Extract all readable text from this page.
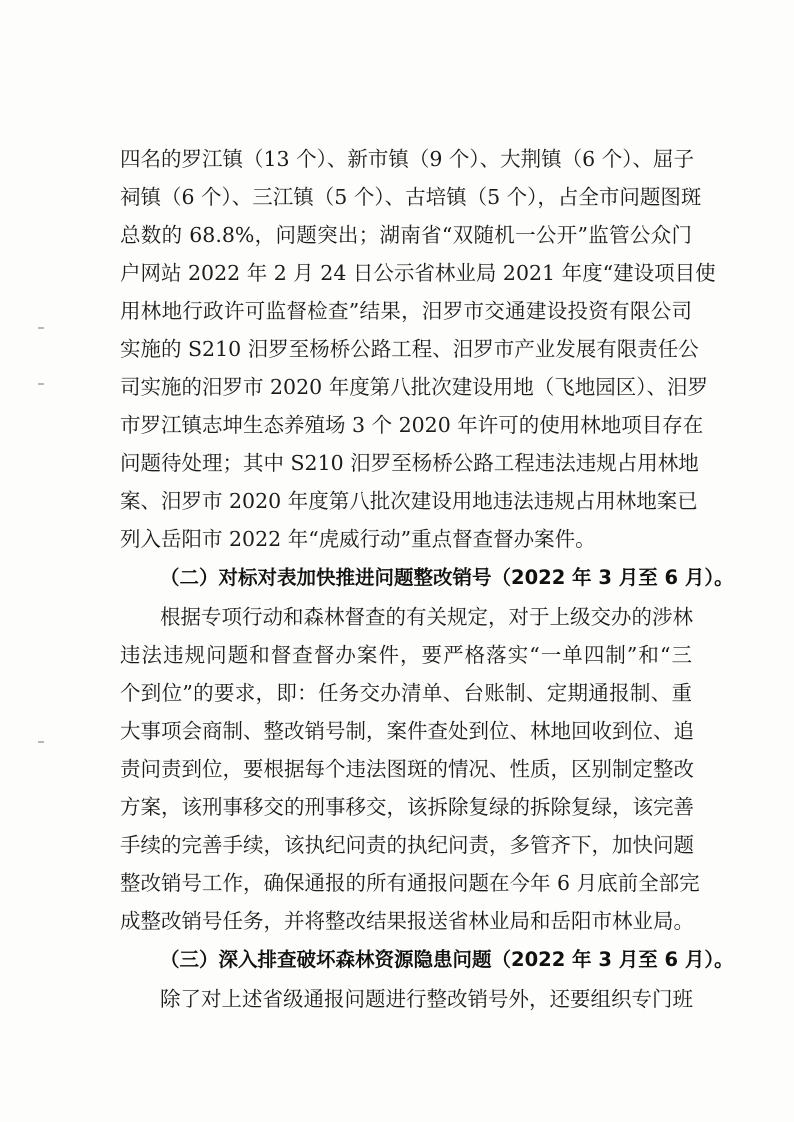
四名的罗江镇（13 个）、新市镇（9 个）、大荆镇（6 个）、屈子
祠镇（6 个）、三江镇（5 个）、古培镇（5 个），占全市问题图斑
总数的 68.8%，问题突出；湖南省“双随机一公开”监管公众门
户网站 2022 年 2 月 24 日公示省林业局 2021 年度“建设项目使
用林地行政许可监督检查”结果，汨罗市交通建设投资有限公司
实施的 S210 汨罗至杨桥公路工程、汨罗市产业发展有限责任公
司实施的汨罗市 2020 年度第八批次建设用地（飞地园区）、汨罗
市罗江镇志坤生态养殖场 3 个 2020 年许可的使用林地项目存在
问题待处理；其中 S210 汨罗至杨桥公路工程违法违规占用林地
案、汨罗市 2020 年度第八批次建设用地违法违规占用林地案已
列入岳阳市 2022 年“虎威行动”重点督查督办案件。
（二）对标对表加快推进问题整改销号（2022 年 3 月至 6 月）。
根据专项行动和森林督查的有关规定，对于上级交办的涉林
违法违规问题和督查督办案件，要严格落实“一单四制”和“三
个到位”的要求，即：任务交办清单、台账制、定期通报制、重
大事项会商制、整改销号制，案件查处到位、林地回收到位、追
责问责到位，要根据每个违法图斑的情况、性质，区别制定整改
方案，该刑事移交的刑事移交，该拆除复绿的拆除复绿，该完善
手续的完善手续，该执纪问责的执纪问责，多管齐下，加快问题
整改销号工作，确保通报的所有通报问题在今年 6 月底前全部完
成整改销号任务，并将整改结果报送省林业局和岳阳市林业局。
（三）深入排查破坏森林资源隐患问题（2022 年 3 月至 6 月）。
除了对上述省级通报问题进行整改销号外，还要组织专门班
